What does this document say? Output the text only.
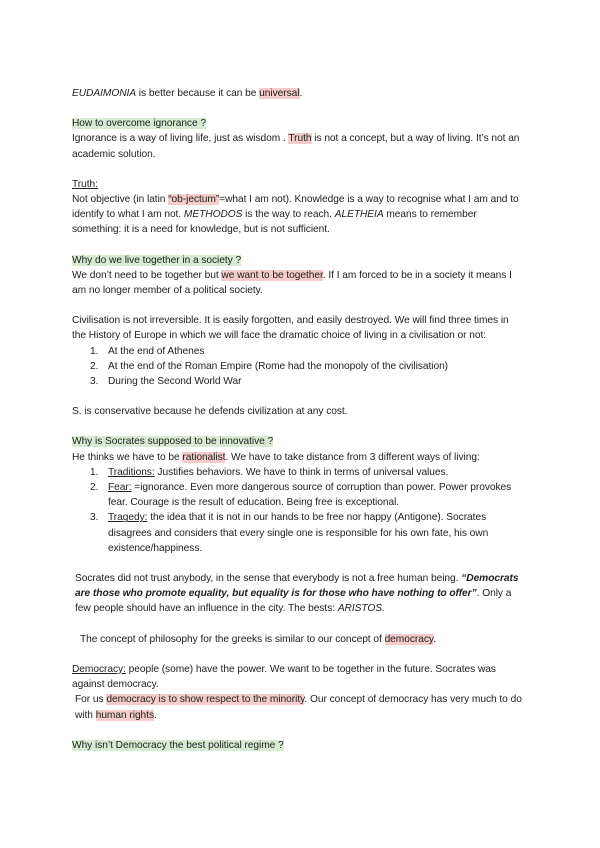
EUDAIMONIA is better because it can be universal.

How to overcome ignorance ?

Ignorance is a way of living life, just as wisdom . Truth is not a concept, but a way of living. It’s not an academic solution.

Truth:

Not objective (in latin “ob-jectum”=what I am not). Knowledge is a way to recognise what I am and to identify to what I am not. METHODOS is the way to reach. ALETHEIA means to remember something: it is a need for knowledge, but is not sufficient.

Why do we live together in a society ?

We don’t need to be together but we want to be together. If I am forced to be in a society it means I am no longer member of a political society.

Civilisation is not irreversible. It is easily forgotten, and easily destroyed. We will find three times in the History of Europe in which we will face the dramatic choice of living in a civilisation or not:

1. At the end of Athenes
2. At the end of the Roman Empire (Rome had the monopoly of the civilisation)
3. During the Second World War

S. is conservative because he defends civilization at any cost.

Why is Socrates supposed to be innovative ?

He thinks we have to be rationalist. We have to take distance from 3 different ways of living:

1. Traditions: Justifies behaviors. We have to think in terms of universal values.
2. Fear: =ignorance. Even more dangerous source of corruption than power. Power provokes fear. Courage is the result of education. Being free is exceptional.
3. Tragedy: the idea that it is not in our hands to be free nor happy (Antigone). Socrates disagrees and considers that every single one is responsible for his own fate, his own existence/happiness.

Socrates did not trust anybody, in the sense that everybody is not a free human being. “Democrats are those who promote equality, but equality is for those who have nothing to offer”. Only a few people should have an influence in the city. The bests: ARISTOS.

The concept of philosophy for the greeks is similar to our concept of democracy.

Democracy: people (some) have the power. We want to be together in the future. Socrates was against democracy.

For us democracy is to show respect to the minority. Our concept of democracy has very much to do with human rights.

Why isn’t Democracy the best political regime ?
